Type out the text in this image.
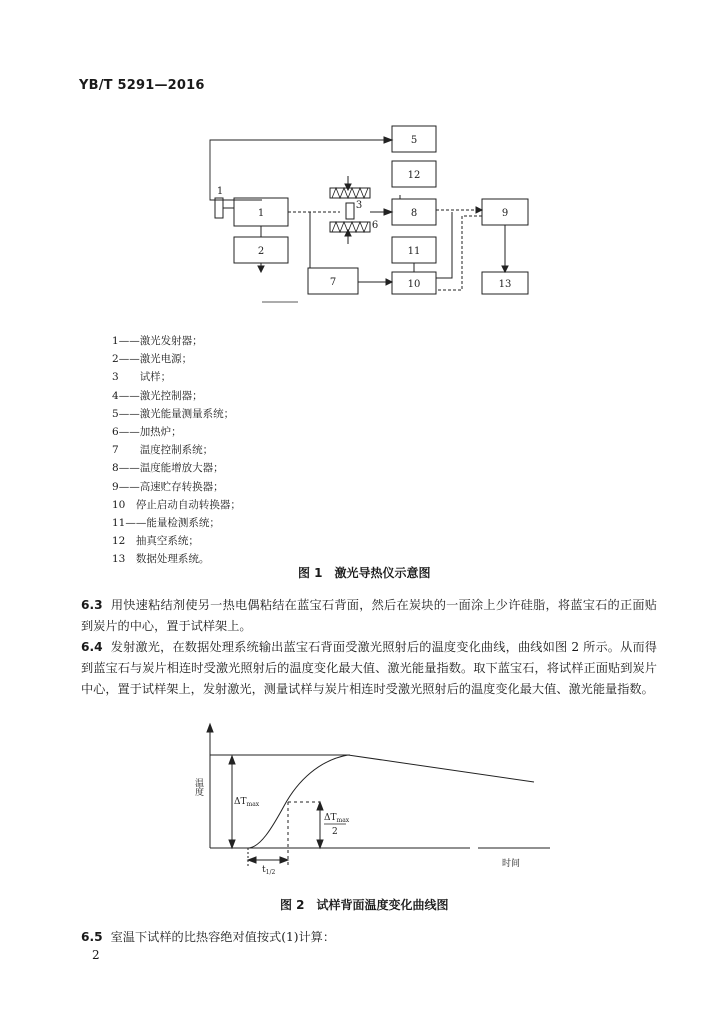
YB/T 5291—2016
1
1
2
3
6
5
12
8
11
10
7
9
13
1——激光发射器；
2——激光电源；
3　　 试样；
4——激光控制器；
5——激光能量测量系统；
6——加热炉；
7　　 温度控制系统；
8——温度能增放大器；
9——高速贮存转换器；
10　 停止启动自动转换器；
11——能量检测系统；
12　 抽真空系统；
13　 数据处理系统。
图 1　激光导热仪示意图
6.3 用快速粘结剂使另一热电偶粘结在蓝宝石背面，然后在炭块的一面涂上少许硅脂，将蓝宝石的正面贴到炭片的中心，置于试样架上。
6.4 发射激光，在数据处理系统输出蓝宝石背面受激光照射后的温度变化曲线，曲线如图 2 所示。从而得到蓝宝石与炭片相连时受激光照射后的温度变化最大值、激光能量指数。取下蓝宝石，将试样正面贴到炭片中心，置于试样架上，发射激光，测量试样与炭片相连时受激光照射后的温度变化最大值、激光能量指数。
温度
$\Delta T_{max}$
$\Delta T_{max}$
2
$t_{1/2}$
时间
图 2　试样背面温度变化曲线图
6.5 室温下试样的比热容绝对值按式(1)计算：
2
